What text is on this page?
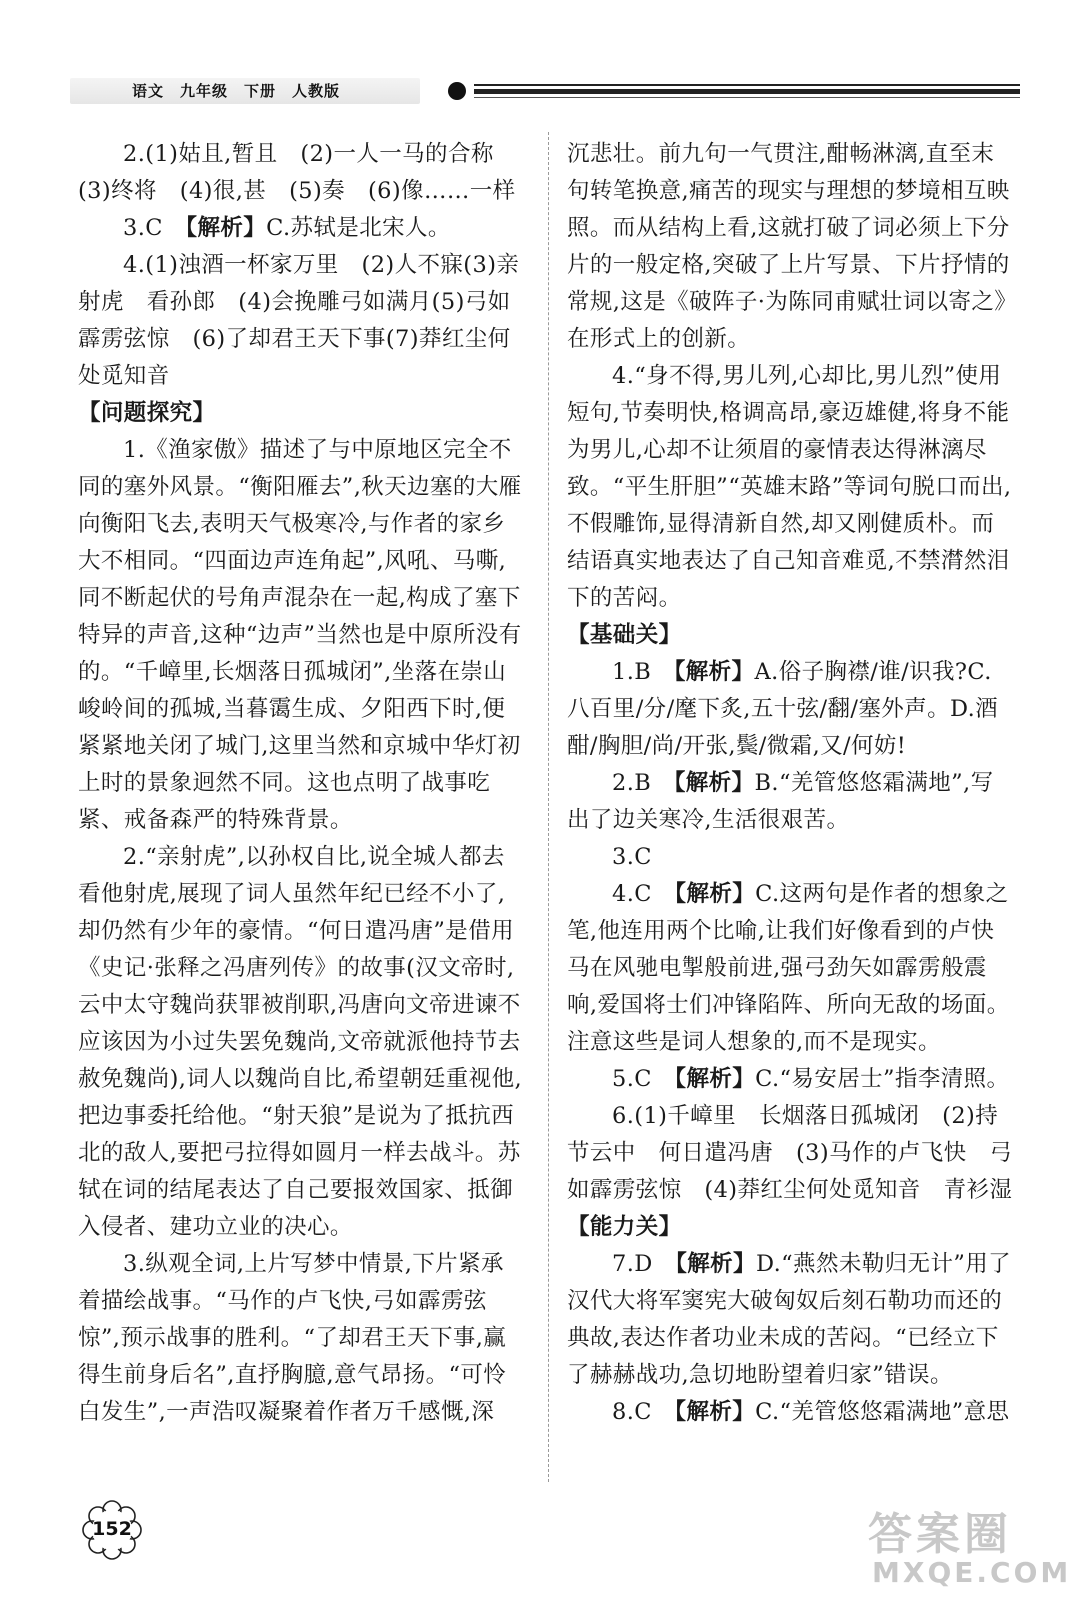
语文　九年级　下册　人教版

2.(1)姑且,暂且　(2)一人一马的合称(3)终将　(4)很,甚　(5)奏　(6)像……一样

3.C　【解析】C.苏轼是北宋人。

4.(1)浊酒一杯家万里　(2)人不寐(3)亲射虎　看孙郎　(4)会挽雕弓如满月(5)弓如霹雳弦惊　(6)了却君王天下事(7)莽红尘何处觅知音

【问题探究】

1.《渔家傲》描述了与中原地区完全不同的塞外风景。“衡阳雁去”,秋天边塞的大雁向衡阳飞去,表明天气极寒冷,与作者的家乡大不相同。“四面边声连角起”,风吼、马嘶,同不断起伏的号角声混杂在一起,构成了塞下特异的声音,这种“边声”当然也是中原所没有的。“千嶂里,长烟落日孤城闭”,坐落在崇山峻岭间的孤城,当暮霭生成、夕阳西下时,便紧紧地关闭了城门,这里当然和京城中华灯初上时的景象迥然不同。这也点明了战事吃紧、戒备森严的特殊背景。

2.“亲射虎”,以孙权自比,说全城人都去看他射虎,展现了词人虽然年纪已经不小了,却仍然有少年的豪情。“何日遣冯唐”是借用《史记·张释之冯唐列传》的故事(汉文帝时,云中太守魏尚获罪被削职,冯唐向文帝进谏不应该因为小过失罢免魏尚,文帝就派他持节去赦免魏尚),词人以魏尚自比,希望朝廷重视他,把边事委托给他。“射天狼”是说为了抵抗西北的敌人,要把弓拉得如圆月一样去战斗。苏轼在词的结尾表达了自己要报效国家、抵御入侵者、建功立业的决心。

3.纵观全词,上片写梦中情景,下片紧承着描绘战事。“马作的卢飞快,弓如霹雳弦惊”,预示战事的胜利。“了却君王天下事,赢得生前身后名”,直抒胸臆,意气昂扬。“可怜白发生”,一声浩叹凝聚着作者万千感慨,深

沉悲壮。前九句一气贯注,酣畅淋漓,直至末句转笔换意,痛苦的现实与理想的梦境相互映照。而从结构上看,这就打破了词必须上下分片的一般定格,突破了上片写景、下片抒情的常规,这是《破阵子·为陈同甫赋壮词以寄之》在形式上的创新。

4.“身不得,男儿列,心却比,男儿烈”使用短句,节奏明快,格调高昂,豪迈雄健,将身不能为男儿,心却不让须眉的豪情表达得淋漓尽致。“平生肝胆”“英雄末路”等词句脱口而出,不假雕饰,显得清新自然,却又刚健质朴。而结语真实地表达了自己知音难觅,不禁潸然泪下的苦闷。

【基础关】

1.B　【解析】A.俗子胸襟/谁/识我?C.八百里/分/麾下炙,五十弦/翻/塞外声。D.酒酣/胸胆/尚/开张,鬓/微霜,又/何妨!

2.B　【解析】B.“羌管悠悠霜满地”,写出了边关寒冷,生活很艰苦。

3.C

4.C　【解析】C.这两句是作者的想象之笔,他连用两个比喻,让我们好像看到的卢快马在风驰电掣般前进,强弓劲矢如霹雳般震响,爱国将士们冲锋陷阵、所向无敌的场面。注意这些是词人想象的,而不是现实。

5.C　【解析】C.“易安居士”指李清照。

6.(1)千嶂里　长烟落日孤城闭　(2)持节云中　何日遣冯唐　(3)马作的卢飞快　弓如霹雳弦惊　(4)莽红尘何处觅知音　青衫湿

【能力关】

7.D　【解析】D.“燕然未勒归无计”用了汉代大将军窦宪大破匈奴后刻石勒功而还的典故,表达作者功业未成的苦闷。“已经立下了赫赫战功,急切地盼望着归家”错误。

8.C　【解析】C.“羌管悠悠霜满地”意思

152	答案圈
MXQE.COM
